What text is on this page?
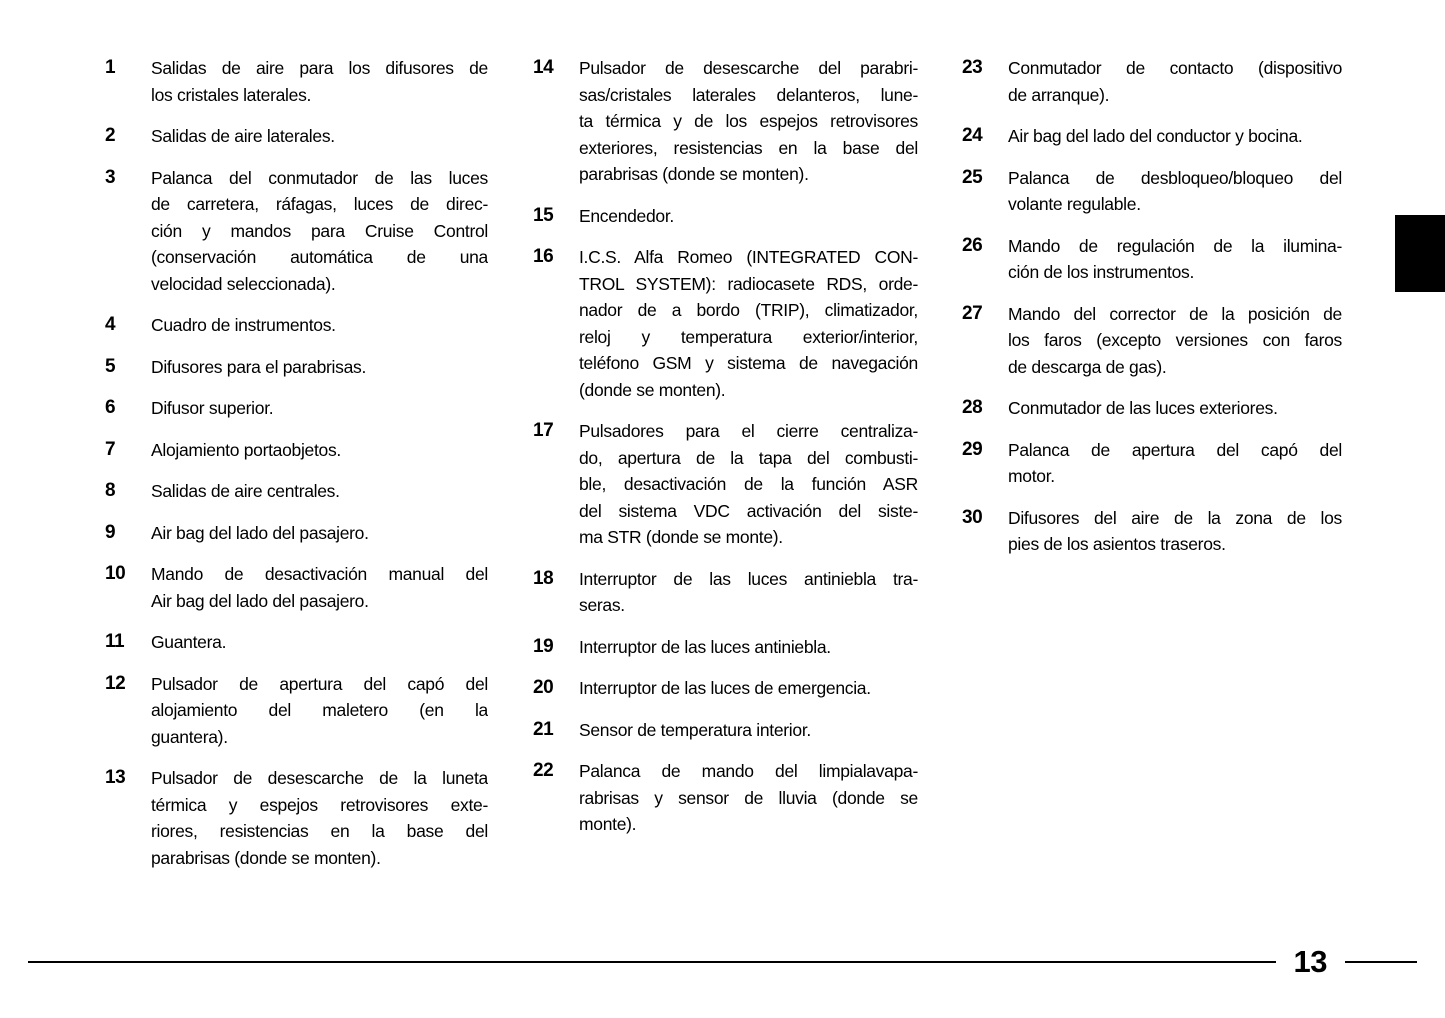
1	Salidas de aire para los difusores de
los cristales laterales.
2	Salidas de aire laterales.
3	Palanca del conmutador de las luces
de carretera, ráfagas, luces de direc-
ción y mandos para Cruise Control
(conservación automática de una
velocidad seleccionada).
4	Cuadro de instrumentos.
5	Difusores para el parabrisas.
6	Difusor superior.
7	Alojamiento portaobjetos.
8	Salidas de aire centrales.
9	Air bag del lado del pasajero.
10	Mando de desactivación manual del
Air bag del lado del pasajero.
11	Guantera.
12	Pulsador de apertura del capó del
alojamiento del maletero (en la
guantera).
13	Pulsador de desescarche de la luneta
térmica y espejos retrovisores exte-
riores, resistencias en la base del
parabrisas (donde se monten).
14	Pulsador de desescarche del parabri-
sas/cristales laterales delanteros, lune-
ta térmica y de los espejos retrovisores
exteriores, resistencias en la base del
parabrisas (donde se monten).
15	Encendedor.
16	I.C.S. Alfa Romeo (INTEGRATED CON-
TROL SYSTEM): radiocasete RDS, orde-
nador de a bordo (TRIP), climatizador,
reloj y temperatura exterior/interior,
teléfono GSM y sistema de navegación
(donde se monten).
17	Pulsadores para el cierre centraliza-
do, apertura de la tapa del combusti-
ble, desactivación de la función ASR
del sistema VDC activación del siste-
ma STR (donde se monte).
18	Interruptor de las luces antiniebla tra-
seras.
19	Interruptor de las luces antiniebla.
20	Interruptor de las luces de emergencia.
21	Sensor de temperatura interior.
22	Palanca de mando del limpialavapa-
rabrisas y sensor de lluvia (donde se
monte).
23	Conmutador de contacto (dispositivo
de arranque).
24	Air bag del lado del conductor y bocina.
25	Palanca de desbloqueo/bloqueo del
volante regulable.
26	Mando de regulación de la ilumina-
ción de los instrumentos.
27	Mando del corrector de la posición de
los faros (excepto versiones con faros
de descarga de gas).
28	Conmutador de las luces exteriores.
29	Palanca de apertura del capó del
motor.
30	Difusores del aire de la zona de los
pies de los asientos traseros.
13
